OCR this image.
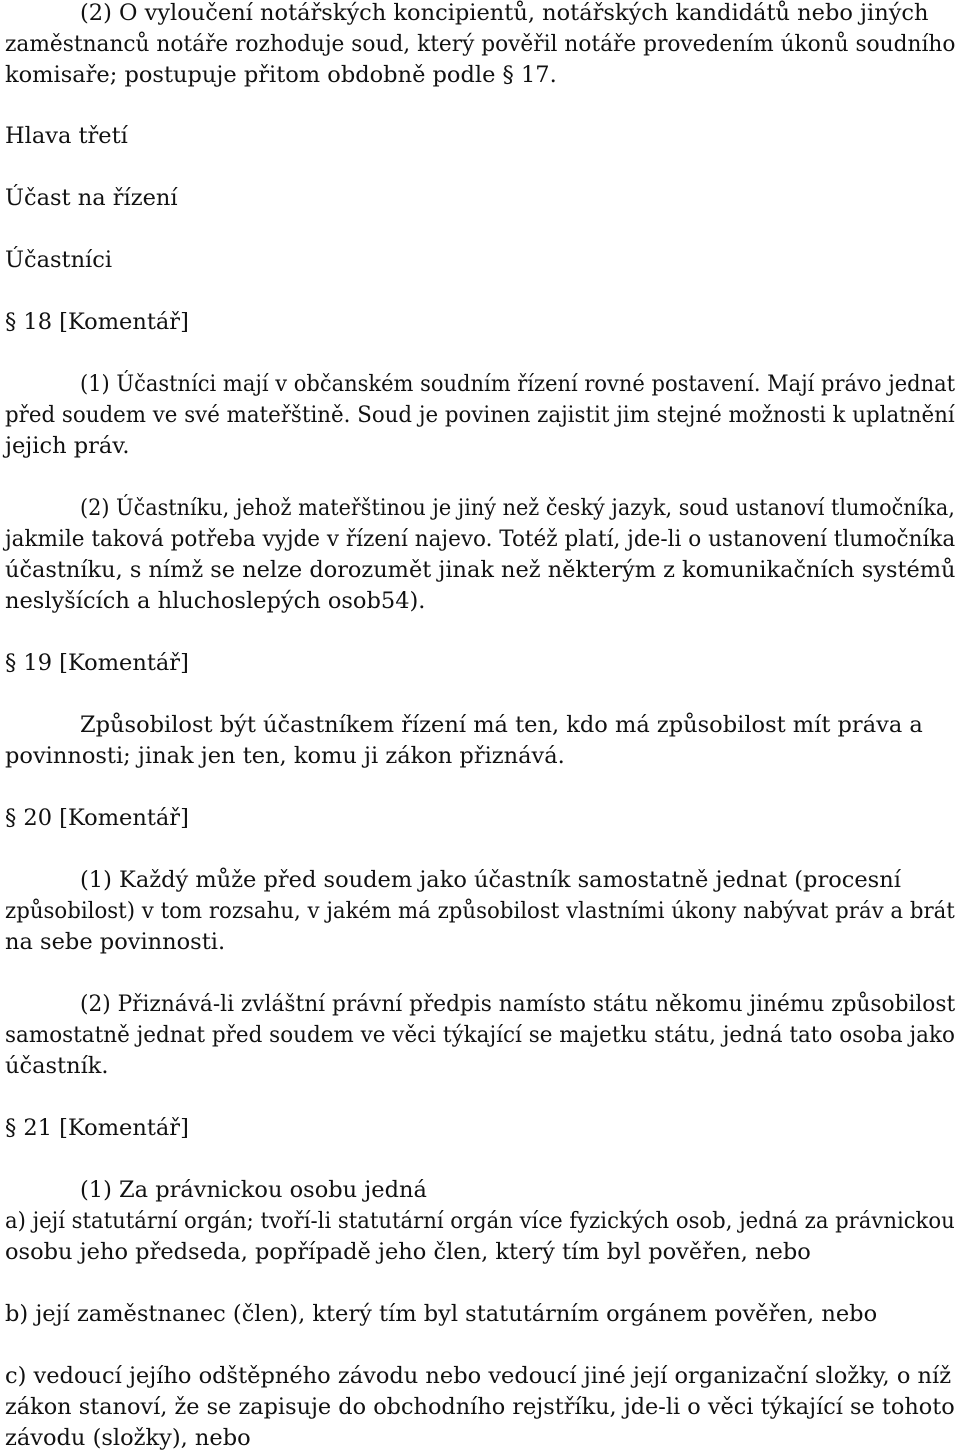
(2) O vyloučení notářských koncipientů, notářských kandidátů nebo jiných
zaměstnanců notáře rozhoduje soud, který pověřil notáře provedením úkonů soudního
komisaře; postupuje přitom obdobně podle § 17.
Hlava třetí
Účast na řízení
Účastníci
§ 18 [Komentář]
(1) Účastníci mají v občanském soudním řízení rovné postavení. Mají právo jednat
před soudem ve své mateřštině. Soud je povinen zajistit jim stejné možnosti k uplatnění
jejich práv.
(2) Účastníku, jehož mateřštinou je jiný než český jazyk, soud ustanoví tlumočníka,
jakmile taková potřeba vyjde v řízení najevo. Totéž platí, jde-li o ustanovení tlumočníka
účastníku, s nímž se nelze dorozumět jinak než některým z komunikačních systémů
neslyšících a hluchoslepých osob54).
§ 19 [Komentář]
Způsobilost být účastníkem řízení má ten, kdo má způsobilost mít práva a
povinnosti; jinak jen ten, komu ji zákon přiznává.
§ 20 [Komentář]
(1) Každý může před soudem jako účastník samostatně jednat (procesní
způsobilost) v tom rozsahu, v jakém má způsobilost vlastními úkony nabývat práv a brát
na sebe povinnosti.
(2) Přiznává-li zvláštní právní předpis namísto státu někomu jinému způsobilost
samostatně jednat před soudem ve věci týkající se majetku státu, jedná tato osoba jako
účastník.
§ 21 [Komentář]
(1) Za právnickou osobu jedná
a) její statutární orgán; tvoří-li statutární orgán více fyzických osob, jedná za právnickou
osobu jeho předseda, popřípadě jeho člen, který tím byl pověřen, nebo
b) její zaměstnanec (člen), který tím byl statutárním orgánem pověřen, nebo
c) vedoucí jejího odštěpného závodu nebo vedoucí jiné její organizační složky, o níž
zákon stanoví, že se zapisuje do obchodního rejstříku, jde-li o věci týkající se tohoto
závodu (složky), nebo
